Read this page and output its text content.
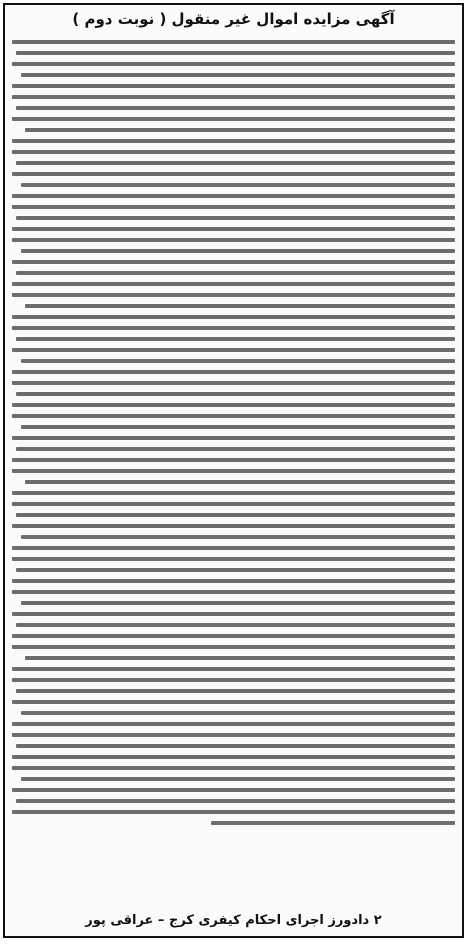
آگهی مزایده اموال غیر منقول ( نوبت دوم )
۲ دادورز اجرای احکام کیفری کرج – عراقی پور
